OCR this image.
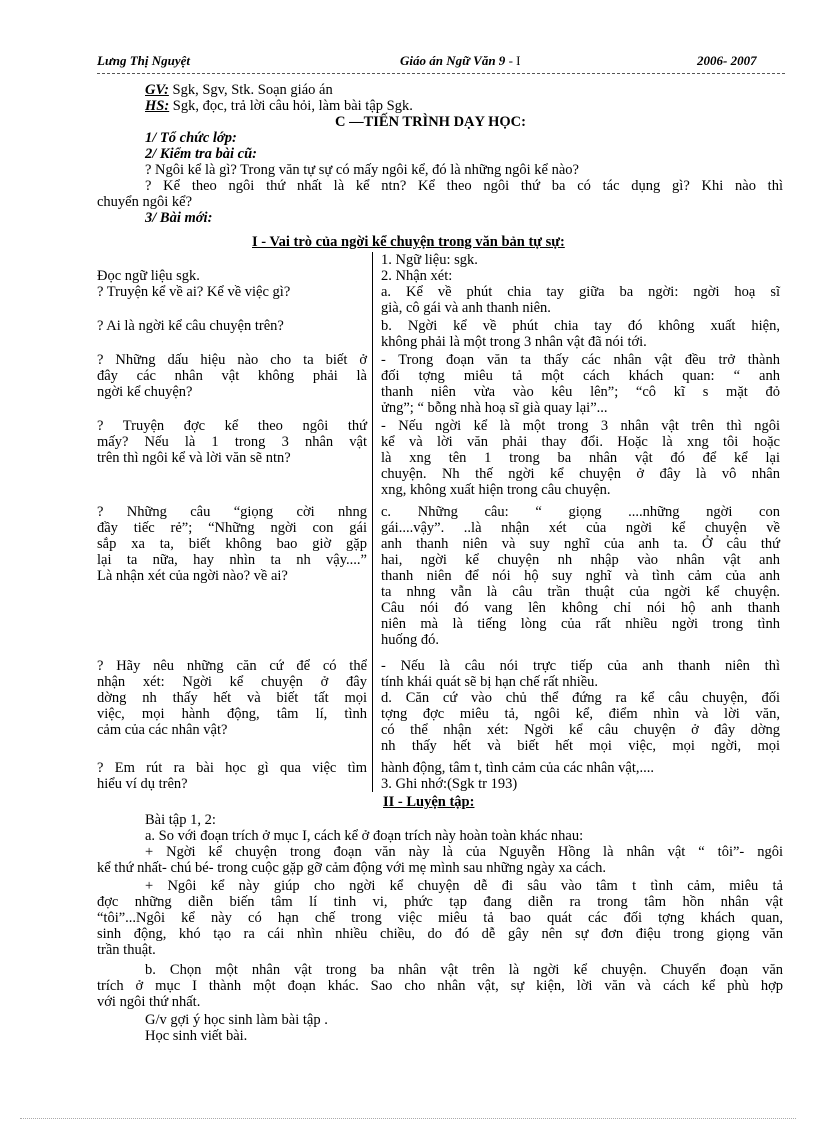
Lưng Thị Nguyệt	Giáo án Ngữ Văn 9 - I	2006- 2007
GV: Sgk, Sgv, Stk. Soạn giáo án
HS: Sgk, đọc, trả lời câu hỏi, làm bài tập Sgk.
C —TIẾN TRÌNH DẠY HỌC:
1/ Tổ chức lớp:
2/ Kiểm tra bài cũ:
? Ngôi kể là gì? Trong văn tự sự có mấy ngôi kể, đó là những ngôi kể nào?
? Kể theo ngôi thứ nhất là kể ntn? Kể theo ngôi thứ ba có tác dụng gì? Khi nào thì
chuyển ngôi kể?
3/ Bài mới:
I - Vai trò của ngời kể chuyện trong văn bản tự sự:
Đọc ngữ liệu sgk.
? Truyện kể về ai? Kể về việc gì?
? Ai là ngời kể câu chuyện trên?
? Những dấu hiệu nào cho ta biết ở
đây các nhân vật không phải là
ngời kể chuyện?
? Truyện đợc kể theo ngôi thứ
mấy? Nếu là 1 trong 3 nhân vật
trên thì ngôi kể và lời văn sẽ ntn?
? Những câu “giọng cời nhng
đầy tiếc rẻ”; “Những ngời con gái
sắp xa ta, biết không bao giờ gặp
lại ta nữa, hay nhìn ta nh vậy....”
Là nhận xét của ngời nào? về ai?
? Hãy nêu những căn cứ để có thể
nhận xét: Ngời kể chuyện ở đây
dờng nh thấy hết và biết tất mọi
việc, mọi hành động, tâm lí, tình
cảm của các nhân vật?
? Em rút ra bài học gì qua việc tìm
hiểu ví dụ trên?
1. Ngữ liệu: sgk.
2. Nhận xét:
a. Kể về phút chia tay giữa ba ngời: ngời hoạ sĩ
già, cô gái và anh thanh niên.
b. Ngời kể về phút chia tay đó không xuất hiện,
không phải là một trong 3 nhân vật đã nói tới.
- Trong đoạn văn ta thấy các nhân vật đều trở thành
đối tợng miêu tả một cách khách quan: “ anh
thanh niên vừa vào kêu lên”; “cô kĩ s mặt đỏ
ửng”; “ bỗng nhà hoạ sĩ già quay lại”...
- Nếu ngời kể là một trong 3 nhân vật trên thì ngôi
kể và lời văn phải thay đổi. Hoặc là xng tôi hoặc
là xng tên 1 trong ba nhân vật đó để kể lại
chuyện. Nh thế ngời kể chuyện ở đây là vô nhân
xng, không xuất hiện trong câu chuyện.
c. Những câu: “ giọng ....những ngời con
gái....vậy”. ..là nhận xét của ngời kể chuyện về
anh thanh niên và suy nghĩ của anh ta. Ở câu thứ
hai, ngời kể chuyện nh nhập vào nhân vật anh
thanh niên để nói hộ suy nghĩ và tình cảm của anh
ta nhng vẫn là câu trần thuật của ngời kể chuyện.
Câu nói đó vang lên không chỉ nói hộ anh thanh
niên mà là tiếng lòng của rất nhiều ngời trong tình
huống đó.
- Nếu là câu nói trực tiếp của anh thanh niên thì
tính khái quát sẽ bị hạn chế rất nhiều.
d. Căn cứ vào chủ thể đứng ra kể câu chuyện, đối
tợng đợc miêu tả, ngôi kể, điểm nhìn và lời văn,
có thể nhận xét: Ngời kể câu chuyện ở đây dờng
nh thấy hết và biết hết mọi việc, mọi ngời, mọi
hành động, tâm t, tình cảm của các nhân vật,....
3. Ghi nhớ:(Sgk tr 193)
II - Luyện tập:
Bài tập 1, 2:
a. So với đoạn trích ở mục I, cách kể ở đoạn trích này hoàn toàn khác nhau:
+ Ngời kể chuyện trong đoạn văn này là của Nguyễn Hồng là nhân vật “ tôi”- ngôi
kể thứ nhất- chú bé- trong cuộc gặp gỡ cảm động với mẹ mình sau những ngày xa cách.
+ Ngôi kể này giúp cho ngời kể chuyện dễ đi sâu vào tâm t tình cảm, miêu tả
đợc những diễn biến tâm lí tinh vi, phức tạp đang diễn ra trong tâm hồn nhân vật
“tôi”...Ngôi kể này có hạn chế trong việc miêu tả bao quát các đối tợng khách quan,
sinh động, khó tạo ra cái nhìn nhiều chiều, do đó dễ gây nên sự đơn điệu trong giọng văn
trần thuật.
b. Chọn một nhân vật trong ba nhân vật trên là ngời kể chuyện. Chuyển đoạn văn
trích ở mục I thành một đoạn khác. Sao cho nhân vật, sự kiện, lời văn và cách kể phù hợp
với ngôi thứ nhất.
G/v gợi ý học sinh làm bài tập .
Học sinh viết bài.
